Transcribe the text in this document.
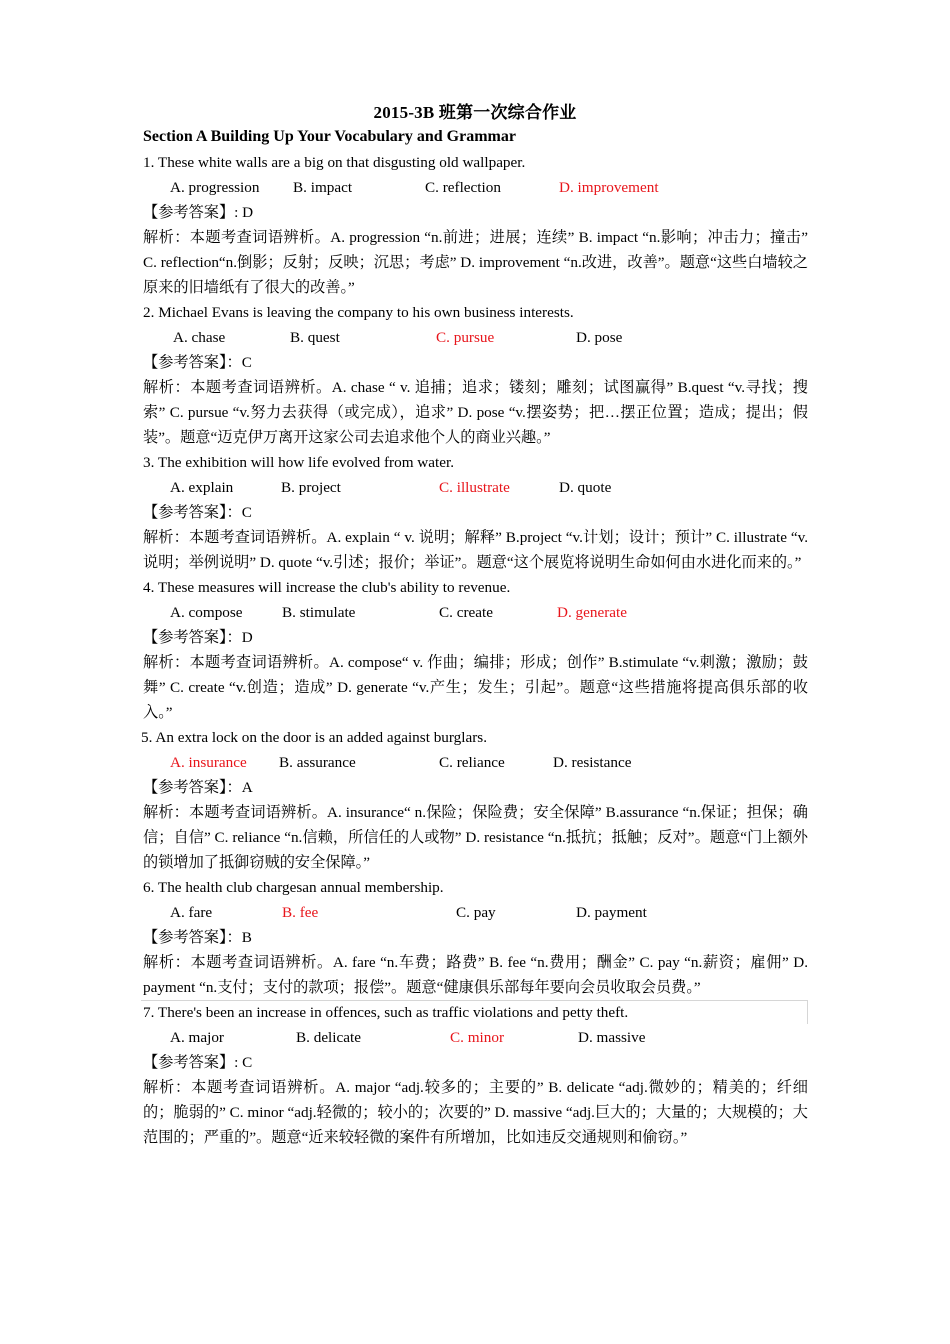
2015-3B 班第一次综合作业
Section A Building Up Your Vocabulary and Grammar
1. These white walls are a big on that disgusting old wallpaper.
A. progression B. impact	C. reflection	D. improvement
【参考答案】: D
解析：本题考查词语辨析。A. progression “n.前进；进展；连续” B. impact “n.影响；冲击力；撞击” C. reflection“n.倒影；反射；反映；沉思；考虑” D. improvement “n.改进，改善”。题意“这些白墙较之原来的旧墙纸有了很大的改善。”
2. Michael Evans is leaving the company to his own business interests.
A. chase	B. quest	C. pursue	D. pose
【参考答案】：C
解析：本题考查词语辨析。A. chase “ v. 追捕；追求；镂刻；雕刻；试图赢得” B.quest “v.寻找；搜索” C. pursue “v.努力去获得（或完成），追求” D. pose “v.摆姿势；把…摆正位置；造成；提出；假装”。题意“迈克伊万离开这家公司去追求他个人的商业兴趣。”
3. The exhibition will how life evolved from water.
A. explain	B. project	C. illustrate	D. quote
【参考答案】：C
解析：本题考查词语辨析。A. explain “ v. 说明；解释” B.project “v.计划；设计；预计” C. illustrate “v.说明；举例说明” D. quote “v.引述；报价；举证”。题意“这个展览将说明生命如何由水进化而来的。”
4. These measures will increase the club's ability to revenue.
A. compose	B. stimulate	C. create	D. generate
【参考答案】：D
解析：本题考查词语辨析。A. compose“ v. 作曲；编排；形成；创作” B.stimulate “v.刺激；激励；鼓舞” C. create “v.创造；造成” D. generate “v.产生；发生；引起”。题意“这些措施将提高俱乐部的收入。”
5. An extra lock on the door is an added against burglars.
A. insurance B. assurance	C. reliance	D. resistance
【参考答案】：A
解析：本题考查词语辨析。A. insurance“ n.保险；保险费；安全保障” B.assurance “n.保证；担保；确信；自信” C. reliance “n.信赖，所信任的人或物” D. resistance “n.抵抗；抵触；反对”。题意“门上额外的锁增加了抵御窃贼的安全保障。”
6. The health club chargesan annual membership.
A. fare	B. fee	C. pay	D. payment
【参考答案】：B
解析：本题考查词语辨析。A. fare “n.车费；路费” B. fee “n.费用；酬金” C. pay “n.薪资；雇佣” D. payment “n.支付；支付的款项；报偿”。题意“健康俱乐部每年要向会员收取会员费。”
7. There's been an increase in offences, such as traffic violations and petty theft.
A. major	B. delicate	C. minor	D. massive
【参考答案】: C
解析：本题考查词语辨析。A. major “adj.较多的；主要的” B. delicate “adj.微妙的；精美的；纤细的；脆弱的” C. minor “adj.轻微的；较小的；次要的” D. massive “adj.巨大的；大量的；大规模的；大范围的；严重的”。题意“近来较轻微的案件有所增加，比如违反交通规则和偷窃。”
